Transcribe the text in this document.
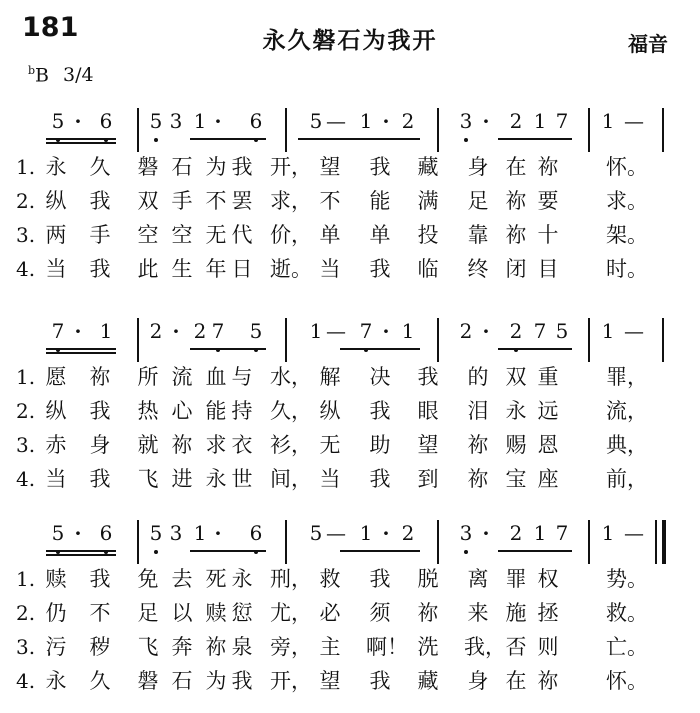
181	永久磐石为我开	福音
$^b$B 3/4
5 · 6 5 3 1 ·	6 5 — 1 · 2 3 ·	2 1 7 1 —
1. 永 久 磐 石 为 我 开， 望 我 藏 身 在 祢 怀。
2. 纵 我 双 手 不 罢 求， 不 能 满 足 祢 要 求。
3. 两 手 空 空 无 代 价， 单 单 投 靠 祢 十 架。
4. 当 我 此 生 年 日 逝。 当 我 临 终 闭 目 时。
7 · 1 2 · 2 7 5 1 — 7 · 1 2 ·	2 7 5 1 —
1. 愿 祢 所 流 血 与 水， 解 决 我 的 双 重 罪，
2. 纵 我 热 心 能 持 久， 纵 我 眼 泪 永 远 流，
3. 赤 身 就 祢 求 衣 衫， 无 助 望 祢 赐 恩 典，
4. 当 我 飞 进 永 世 间， 当 我 到 祢 宝 座 前，
5 · 6 5 3 1 ·	6 5 — 1 · 2 3 ·	2 1 7 1 —
1. 赎 我 免 去 死 永 刑， 救 我 脱 离 罪 权 势。
2. 仍 不 足 以 赎 愆 尤， 必 须 祢 来 施 拯 救。
3. 污 秽 飞 奔 祢 泉 旁， 主 啊！ 洗 我， 否 则 亡。
4. 永 久 磐 石 为 我 开， 望 我 藏 身 在 祢 怀。
